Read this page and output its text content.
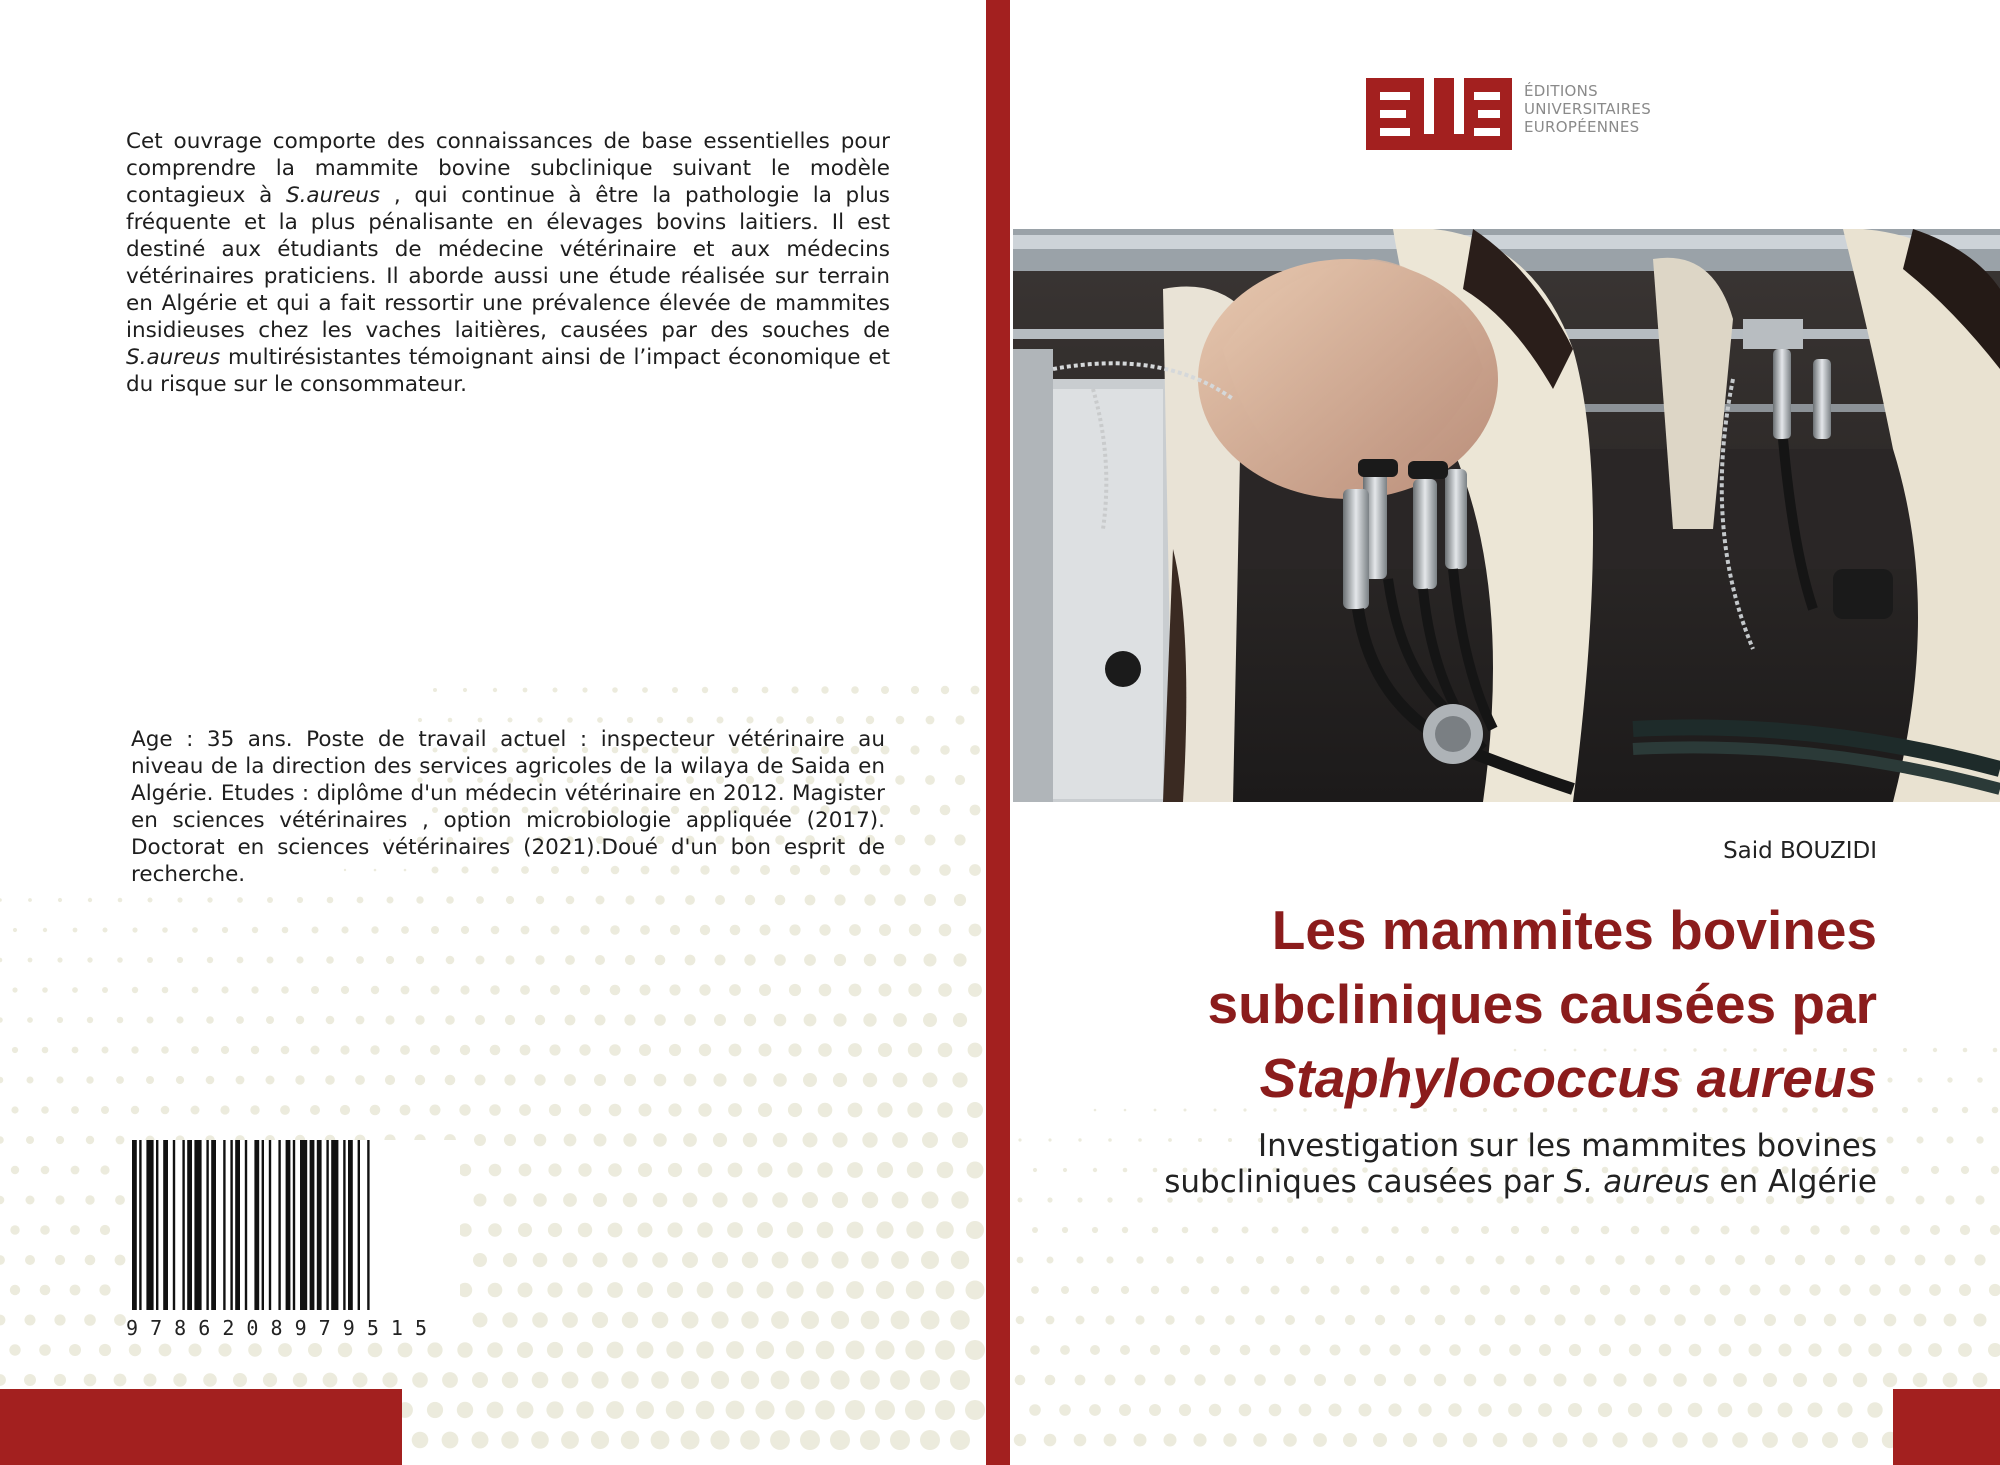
Cet ouvrage comporte des connaissances de base essentielles pour comprendre la mammite bovine subclinique suivant le modèle contagieux à S.aureus , qui continue à être la pathologie la plus fréquente et la plus pénalisante en élevages bovins laitiers. Il est destiné aux étudiants de médecine vétérinaire et aux médecins vétérinaires praticiens. Il aborde aussi une étude réalisée sur terrain en Algérie et qui a fait ressortir une prévalence élevée de mammites insidieuses chez les vaches laitières, causées par des souches de S.aureus multirésistantes témoignant ainsi de l’impact économique et du risque sur le consommateur.
Age : 35 ans. Poste de travail actuel : inspecteur vétérinaire au niveau de la direction des services agricoles de la wilaya de Saida en Algérie. Etudes : diplôme d'un médecin vétérinaire en 2012. Magister en sciences vétérinaires , option microbiologie appliquée (2017). Doctorat en sciences vétérinaires (2021).Doué d'un bon esprit de recherche.
9 7 8 6 2 0 8 9 7 9 5 1 5
ÉDITIONS
UNIVERSITAIRES
EUROPÉENNES
Said BOUZIDI
Les mammites bovines
subcliniques causées par
Staphylococcus aureus
Investigation sur les mammites bovines
subcliniques causées par S. aureus en Algérie
